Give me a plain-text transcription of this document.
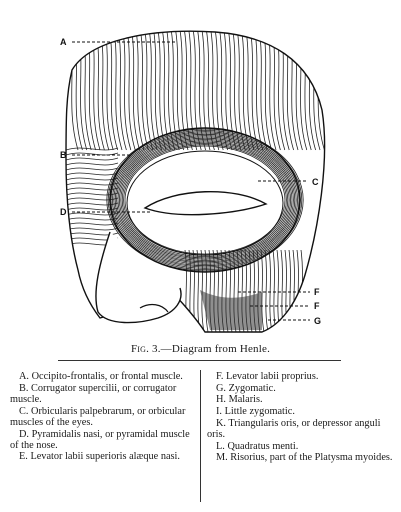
A
B
C
D
F
F
G
Fig. 3.—Diagram from Henle.

A. Occipito-frontalis, or frontal muscle.

B. Corrugator supercilii, or corrugator muscle.

C. Orbicularis palpebrarum, or orbicular muscles of the eyes.

D. Pyramidalis nasi, or pyramidal muscle of the nose.

E. Levator labii superioris alæque nasi.

F. Levator labii proprius.

G. Zygomatic.

H. Malaris.

I. Little zygomatic.

K. Triangularis oris, or depressor anguli oris.

L. Quadratus menti.

M. Risorius, part of the Platysma myoides.
